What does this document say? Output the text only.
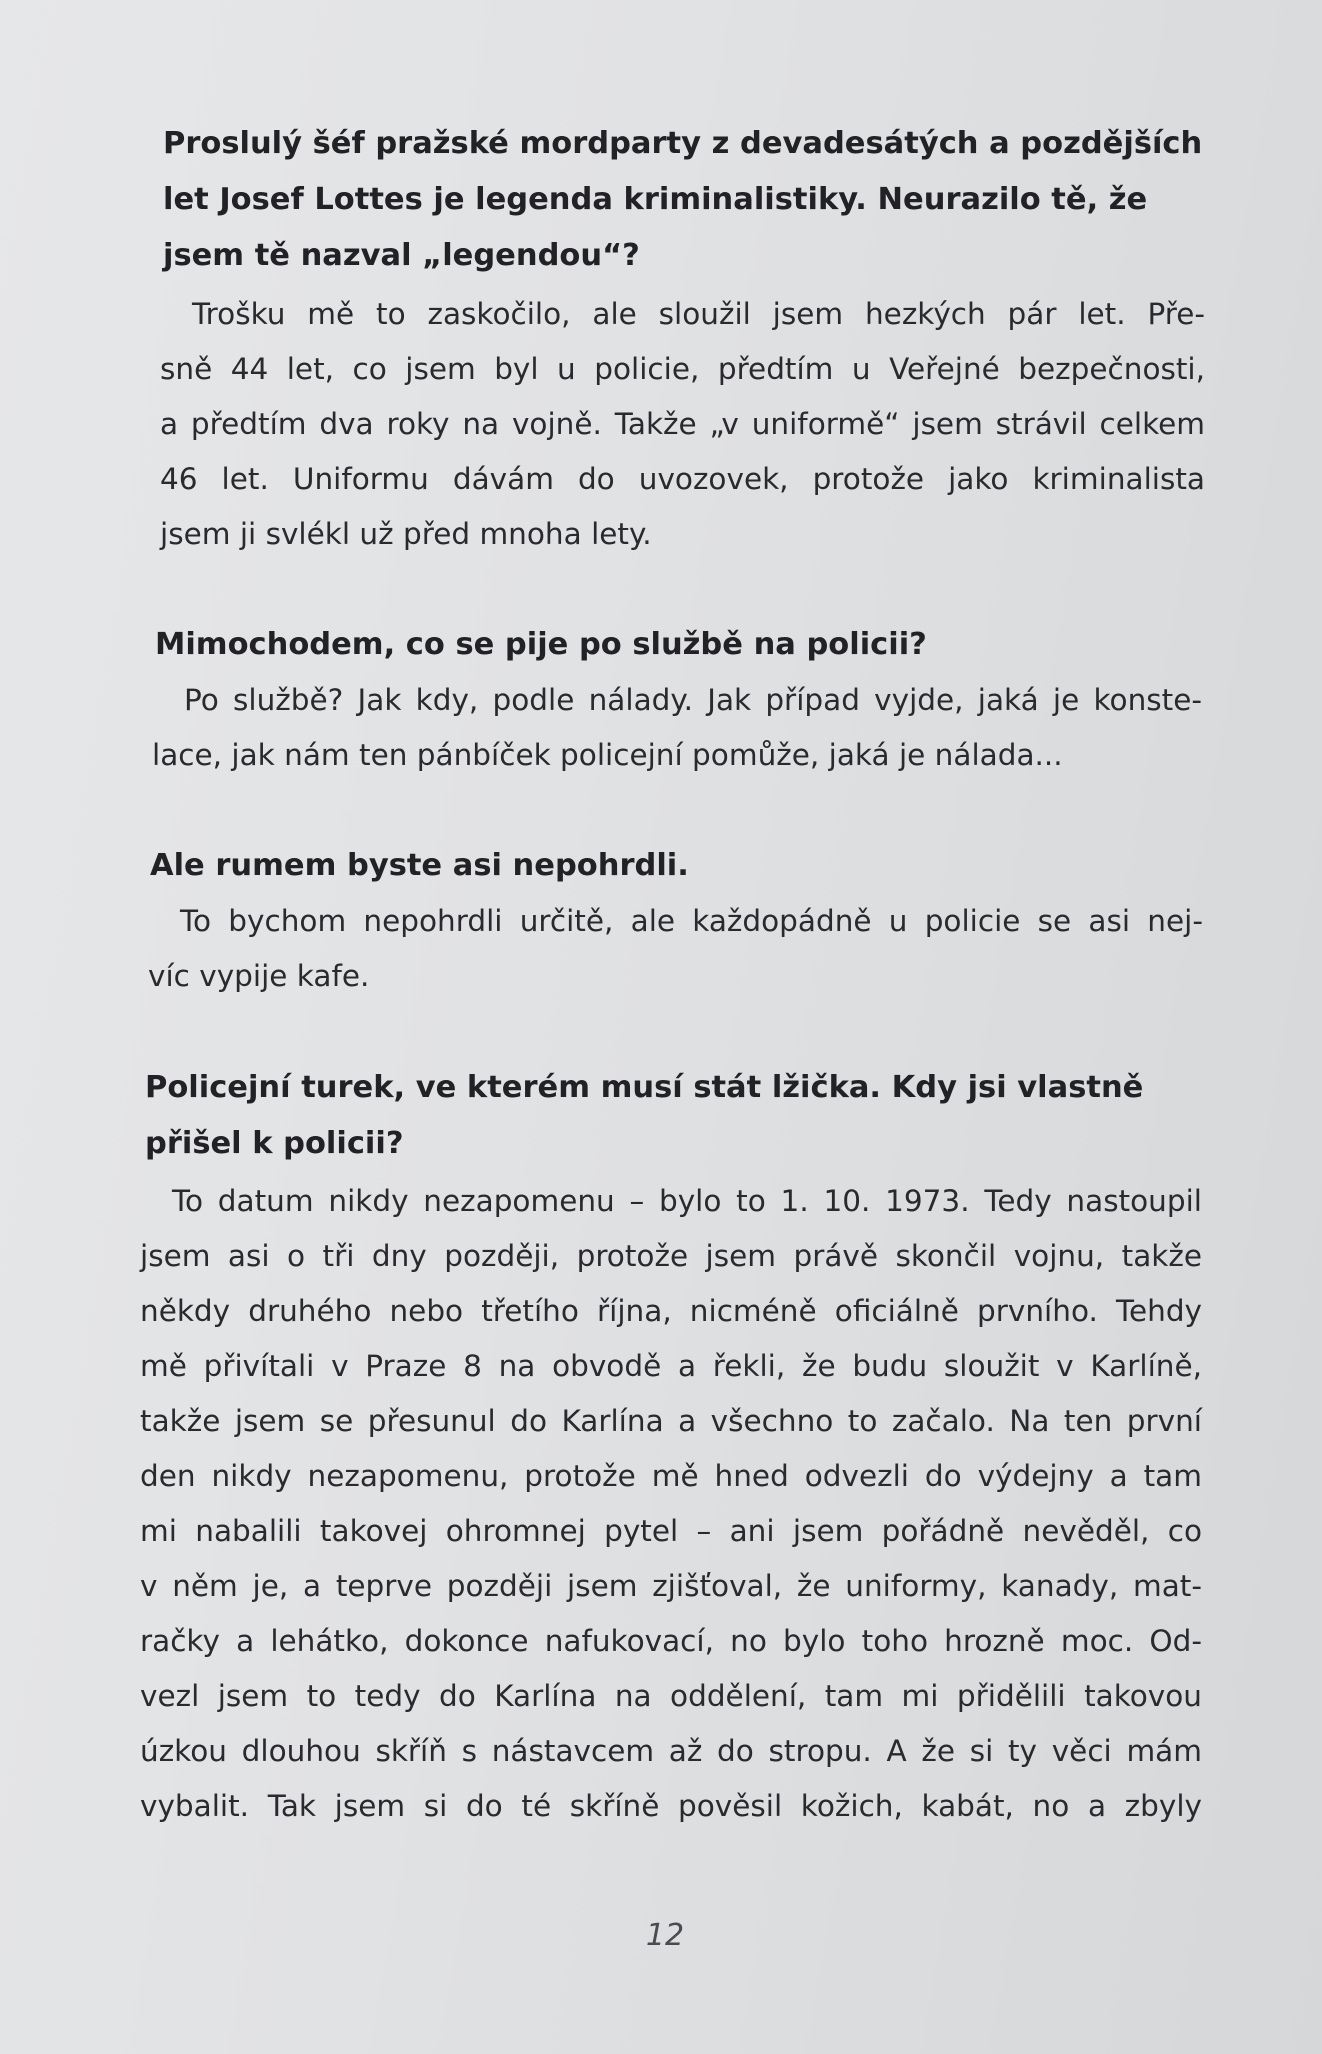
Proslulý šéf pražské mordparty z devadesátých a pozdějších
let Josef Lottes je legenda kriminalistiky. Neurazilo tě, že
jsem tě nazval „legendou“?
Trošku mě to zaskočilo, ale sloužil jsem hezkých pár let. Pře-
sně 44 let, co jsem byl u policie, předtím u Veřejné bezpečnosti,
a předtím dva roky na vojně. Takže „v uniformě“ jsem strávil celkem
46 let. Uniformu dávám do uvozovek, protože jako kriminalista
jsem ji svlékl už před mnoha lety.
Mimochodem, co se pije po službě na policii?
Po službě? Jak kdy, podle nálady. Jak případ vyjde, jaká je konste-
lace, jak nám ten pánbíček policejní pomůže, jaká je nálada...
Ale rumem byste asi nepohrdli.
To bychom nepohrdli určitě, ale každopádně u policie se asi nej-
víc vypije kafe.
Policejní turek, ve kterém musí stát lžička. Kdy jsi vlastně
přišel k policii?
To datum nikdy nezapomenu – bylo to 1. 10. 1973. Tedy nastoupil
jsem asi o tři dny později, protože jsem právě skončil vojnu, takže
někdy druhého nebo třetího října, nicméně oficiálně prvního. Tehdy
mě přivítali v Praze 8 na obvodě a řekli, že budu sloužit v Karlíně,
takže jsem se přesunul do Karlína a všechno to začalo. Na ten první
den nikdy nezapomenu, protože mě hned odvezli do výdejny a tam
mi nabalili takovej ohromnej pytel – ani jsem pořádně nevěděl, co
v něm je, a teprve později jsem zjišťoval, že uniformy, kanady, mat-
račky a lehátko, dokonce nafukovací, no bylo toho hrozně moc. Od-
vezl jsem to tedy do Karlína na oddělení, tam mi přidělili takovou
úzkou dlouhou skříň s nástavcem až do stropu. A že si ty věci mám
vybalit. Tak jsem si do té skříně pověsil kožich, kabát, no a zbyly
12
